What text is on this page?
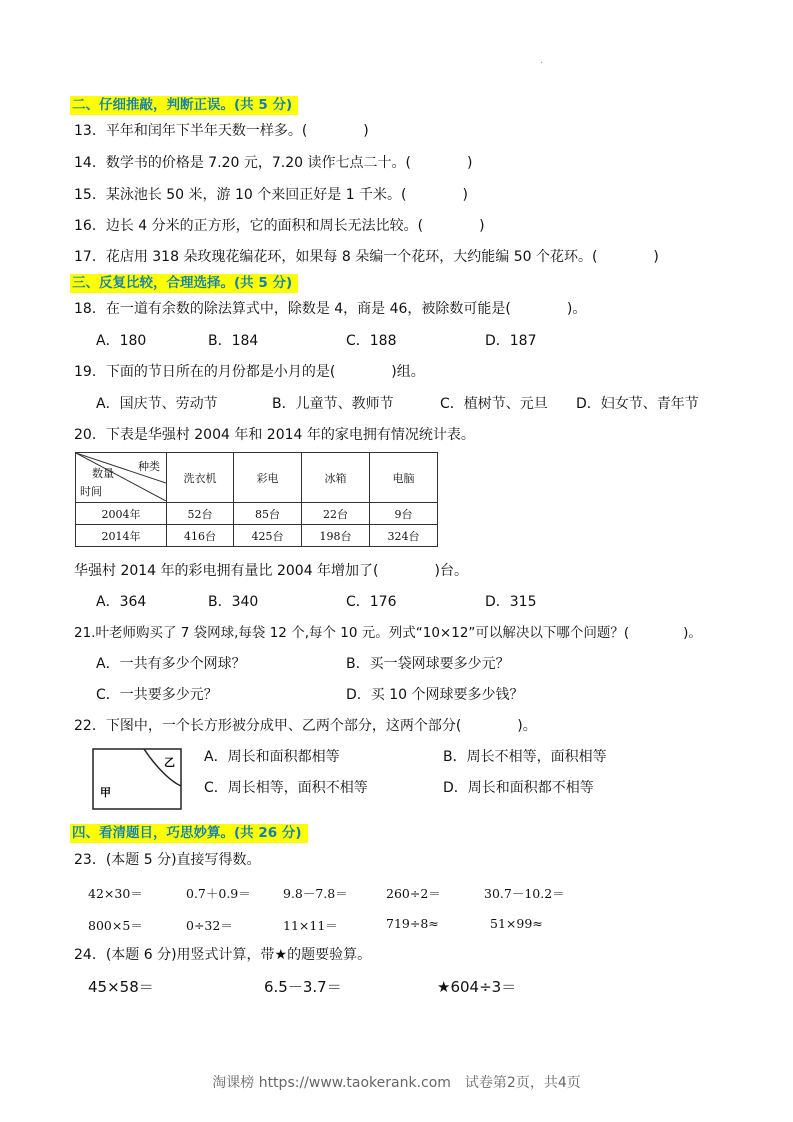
.
二、仔细推敲，判断正误。(共 5 分)
13．平年和闰年下半年天数一样多。(　　　　)
14．数学书的价格是 7.20 元，7.20 读作七点二十。(　　　　)
15．某泳池长 50 米，游 10 个来回正好是 1 千米。(　　　　)
16．边长 4 分米的正方形，它的面积和周长无法比较。(　　　　)
17．花店用 318 朵玫瑰花编花环，如果每 8 朵编一个花环，大约能编 50 个花环。(　　　　)
三、反复比较，合理选择。(共 5 分)
18．在一道有余数的除法算式中，除数是 4，商是 46，被除数可能是(　　　　)。
A．180	B．184	C．188	D．187
19．下面的节日所在的月份都是小月的是(　　　　)组。
A．国庆节、劳动节	B．儿童节、教师节	C．植树节、元旦 D．妇女节、青年节
20．下表是华强村 2004 年和 2014 年的家电拥有情况统计表。
种类
数量
时间	洗衣机	彩电	冰箱	电脑
2004年	52台	85台	22台	9台
2014年	416台	425台	198台	324台
华强村 2014 年的彩电拥有量比 2004 年增加了(　　　　)台。
A．364	B．340	C．176	D．315
21.叶老师购买了 7 袋网球,每袋 12 个,每个 10 元。列式“10×12”可以解决以下哪个问题？(　　　　)。
A．一共有多少个网球？	B．买一袋网球要多少元？
C．一共要多少元？	D．买 10 个网球要多少钱？
22．下图中，一个长方形被分成甲、乙两个部分，这两个部分(　　　　)。
甲
乙 A．周长和面积都相等	B．周长不相等，面积相等
C．周长相等，面积不相等	D．周长和面积都不相等
四、看清题目，巧思妙算。(共 26 分)
23．(本题 5 分)直接写得数。
42×30＝	0.7＋0.9＝	9.8－7.8＝	260÷2＝	30.7－10.2＝
800×5＝	0÷32＝	11×11＝	719÷8≈	51×99≈
24．(本题 6 分)用竖式计算，带★的题要验算。
45×58＝	6.5－3.7＝	★604÷3＝
淘课榜 https://www.taokerank.com　试卷第2页，共4页
